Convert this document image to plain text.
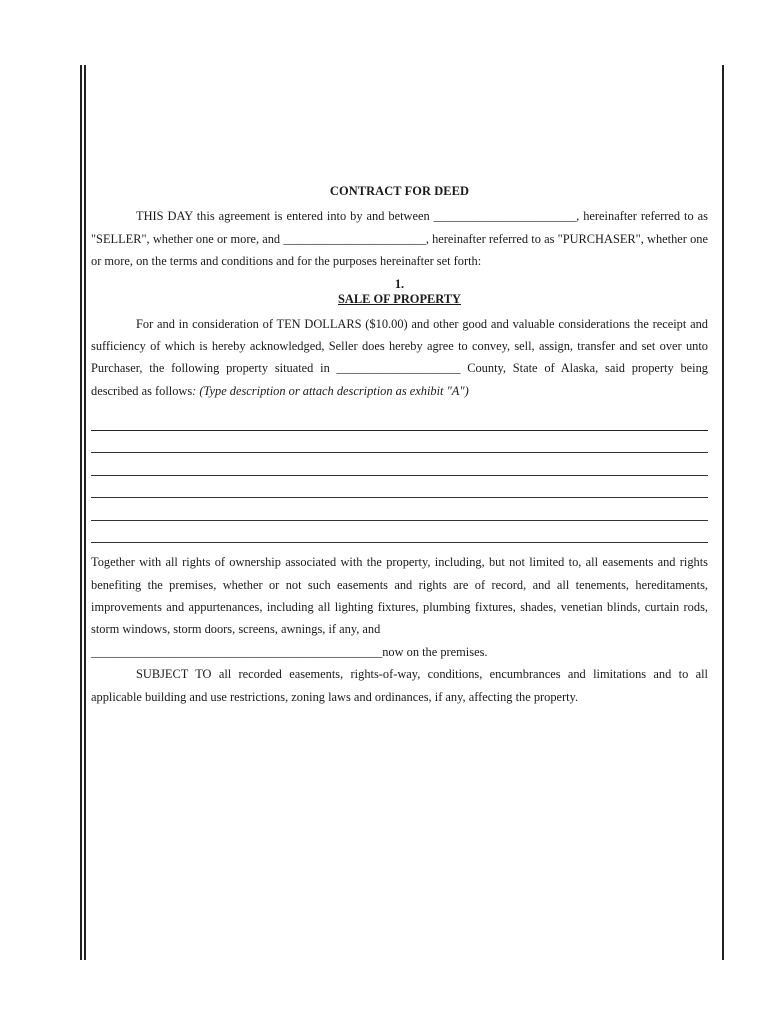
CONTRACT FOR DEED

THIS DAY this agreement is entered into by and between _______________________, hereinafter referred to as "SELLER", whether one or more, and _______________________, hereinafter referred to as "PURCHASER", whether one or more, on the terms and conditions and for the purposes hereinafter set forth:

1.

SALE OF PROPERTY

For and in consideration of TEN DOLLARS ($10.00) and other good and valuable considerations the receipt and sufficiency of which is hereby acknowledged, Seller does hereby agree to convey, sell, assign, transfer and set over unto Purchaser, the following property situated in ____________________ County, State of Alaska, said property being described as follows: (Type description or attach description as exhibit "A")

Together with all rights of ownership associated with the property, including, but not limited to, all easements and rights benefiting the premises, whether or not such easements and rights are of record, and all tenements, hereditaments, improvements and appurtenances, including all lighting fixtures, plumbing fixtures, shades, venetian blinds, curtain rods, storm windows, storm doors, screens, awnings, if any, and

_______________________________________________now on the premises.

SUBJECT TO all recorded easements, rights-of-way, conditions, encumbrances and limitations and to all applicable building and use restrictions, zoning laws and ordinances, if any, affecting the property.
